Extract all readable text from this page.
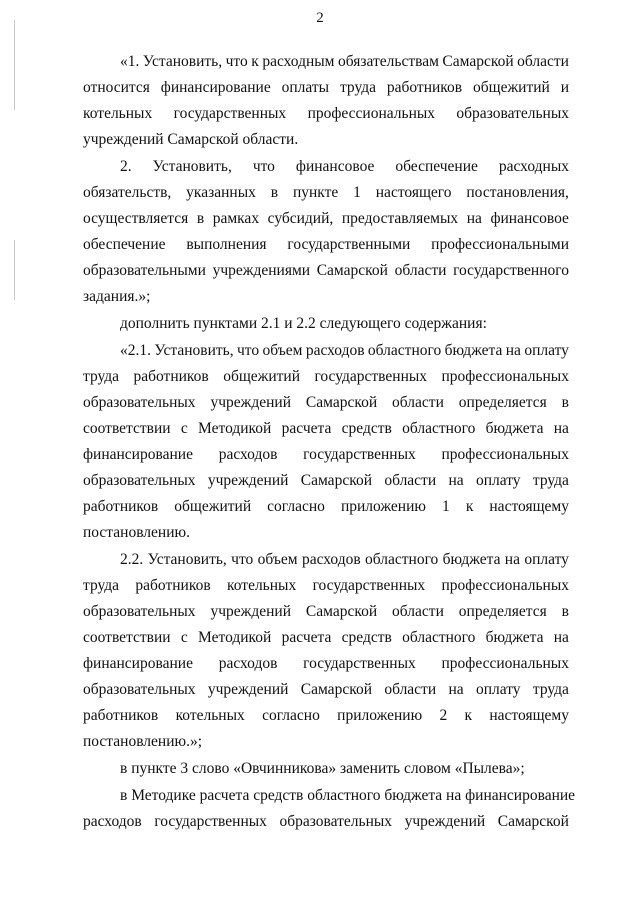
2
«1. Установить, что к расходным обязательствам Самарской области
относится финансирование оплаты труда работников общежитий и
котельных государственных профессиональных образовательных
учреждений Самарской области.
2. Установить, что финансовое обеспечение расходных
обязательств, указанных в пункте 1 настоящего постановления,
осуществляется в рамках субсидий, предоставляемых на финансовое
обеспечение выполнения государственными профессиональными
образовательными учреждениями Самарской области государственного
задания.»;
дополнить пунктами 2.1 и 2.2 следующего содержания:
«2.1. Установить, что объем расходов областного бюджета на оплату
труда работников общежитий государственных профессиональных
образовательных учреждений Самарской области определяется в
соответствии с Методикой расчета средств областного бюджета на
финансирование расходов государственных профессиональных
образовательных учреждений Самарской области на оплату труда
работников общежитий согласно приложению 1 к настоящему
постановлению.
2.2. Установить, что объем расходов областного бюджета на оплату
труда работников котельных государственных профессиональных
образовательных учреждений Самарской области определяется в
соответствии с Методикой расчета средств областного бюджета на
финансирование расходов государственных профессиональных
образовательных учреждений Самарской области на оплату труда
работников котельных согласно приложению 2 к настоящему
постановлению.»;
в пункте 3 слово «Овчинникова» заменить словом «Пылева»;
в Методике расчета средств областного бюджета на финансирование
расходов государственных образовательных учреждений Самарской
